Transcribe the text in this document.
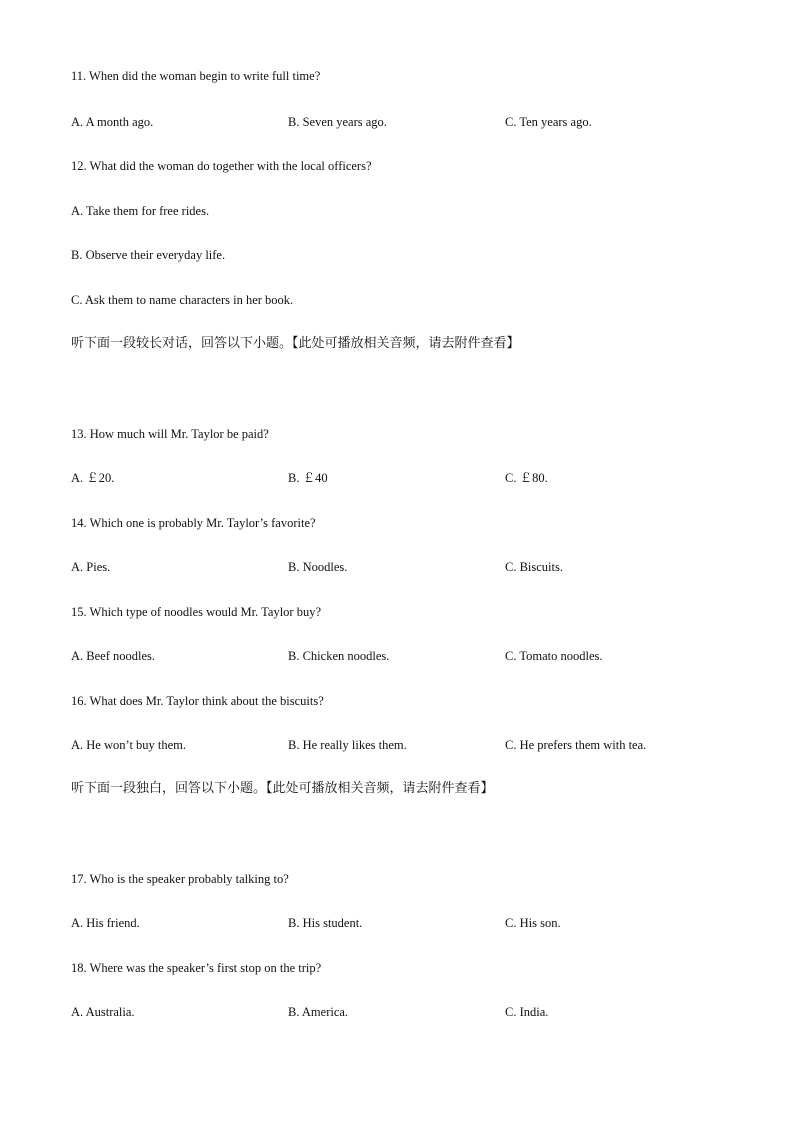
11. When did the woman begin to write full time?
A. A month ago.	B. Seven years ago.	C. Ten years ago.
12. What did the woman do together with the local officers?
A. Take them for free rides.
B. Observe their everyday life.
C. Ask them to name characters in her book.
听下面一段较长对话，回答以下小题。【此处可播放相关音频，请去附件查看】
13. How much will Mr. Taylor be paid?
A. ￡20.	B. ￡40	C. ￡80.
14. Which one is probably Mr. Taylor’s favorite?
A. Pies.	B. Noodles.	C. Biscuits.
15. Which type of noodles would Mr. Taylor buy?
A. Beef noodles.	B. Chicken noodles.	C. Tomato noodles.
16. What does Mr. Taylor think about the biscuits?
A. He won’t buy them.	B. He really likes them.	C. He prefers them with tea.
听下面一段独白，回答以下小题。【此处可播放相关音频，请去附件查看】
17. Who is the speaker probably talking to?
A. His friend.	B. His student.	C. His son.
18. Where was the speaker’s first stop on the trip?
A. Australia.	B. America.	C. India.
